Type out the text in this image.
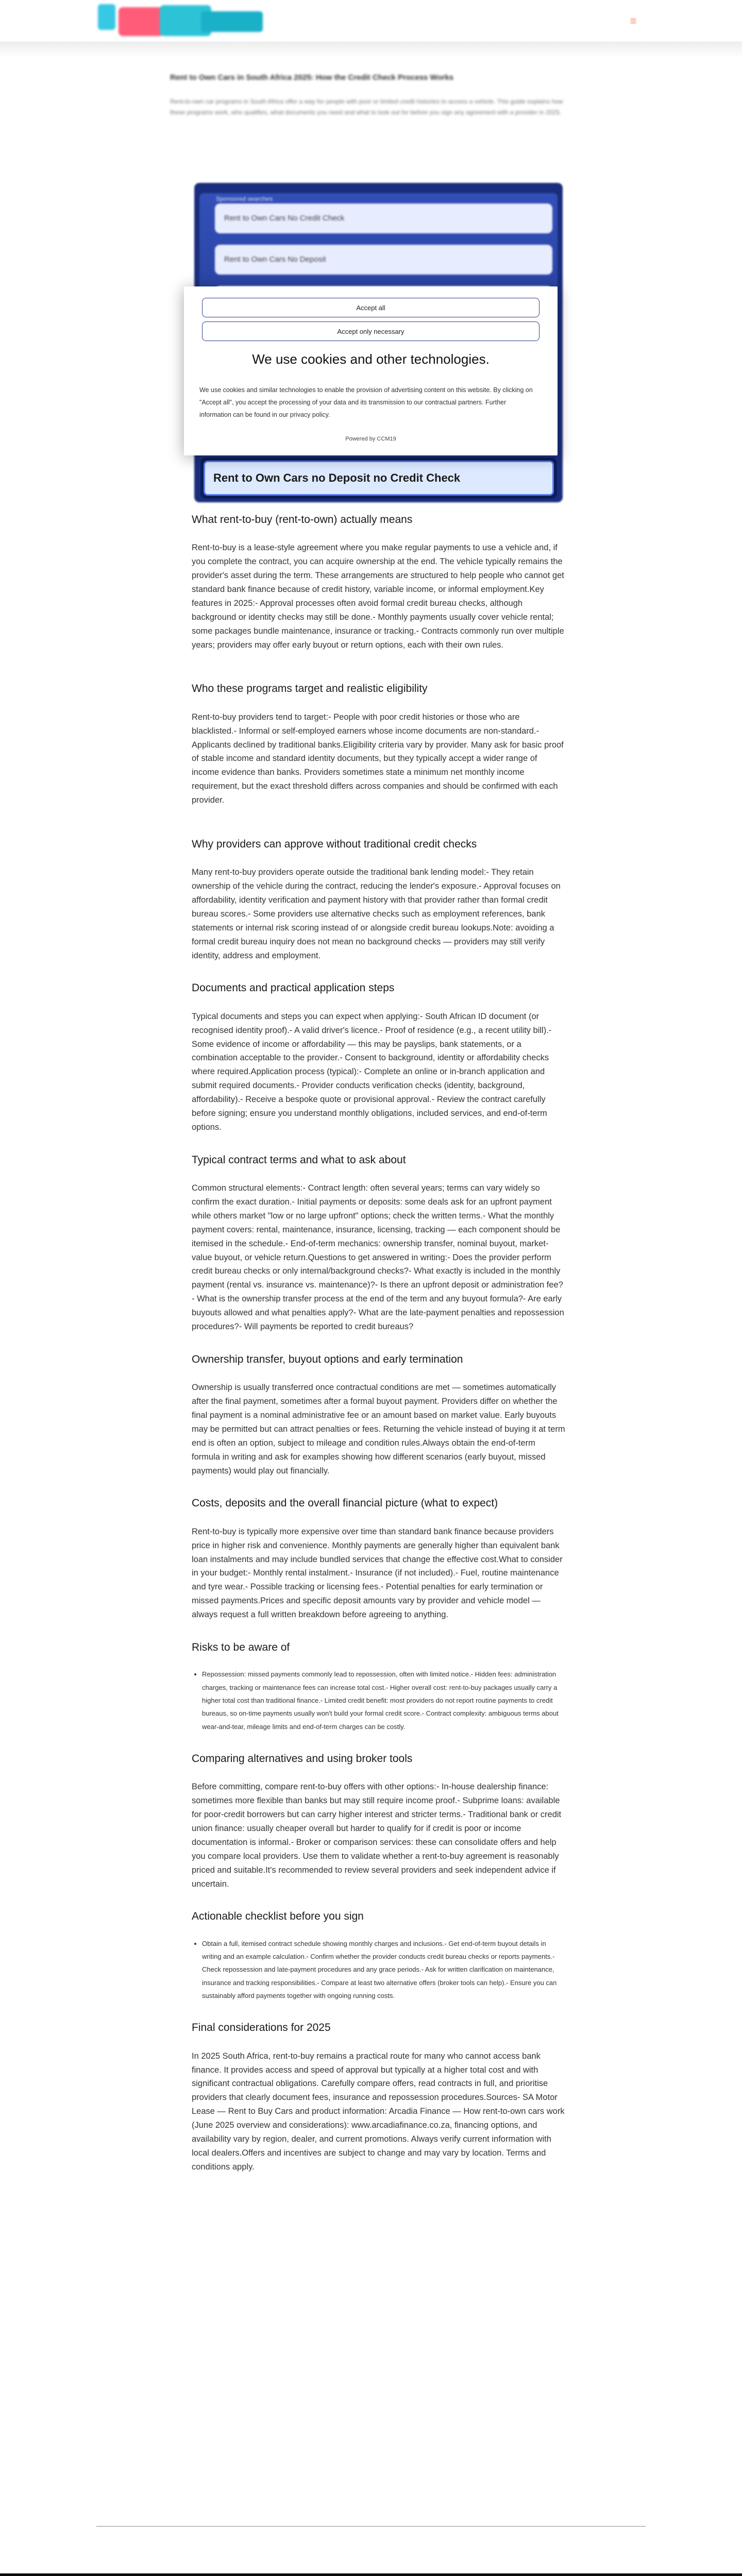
≡
Rent to Own Cars in South Africa 2025: How the Credit Check Process Works
Rent-to-own car programs in South Africa offer a way for people with poor or limited credit histories to access a vehicle. This guide explains how these programs work, who qualifies, what documents you need and what to look out for before you sign any agreement with a provider in 2025.
Sponsored searches
Rent to Own Cars No Credit Check
Rent to Own Cars No Deposit
Rent to Own Cars no Deposit no Credit Check
Accept all
Accept only necessary
We use cookies and other technologies.
We use cookies and similar technologies to enable the provision of advertising content on this website. By clicking on "Accept all", you accept the processing of your data and its transmission to our contractual partners. Further information can be found in our privacy policy.
Powered by CCM19
What rent-to-buy (rent-to-own) actually means

Rent-to-buy is a lease-style agreement where you make regular payments to use a vehicle and, if you complete the contract, you can acquire ownership at the end. The vehicle typically remains the provider's asset during the term. These arrangements are structured to help people who cannot get standard bank finance because of credit history, variable income, or informal employment.Key features in 2025:- Approval processes often avoid formal credit bureau checks, although background or identity checks may still be done.- Monthly payments usually cover vehicle rental; some packages bundle maintenance, insurance or tracking.- Contracts commonly run over multiple years; providers may offer early buyout or return options, each with their own rules.

Who these programs target and realistic eligibility

Rent-to-buy providers tend to target:- People with poor credit histories or those who are blacklisted.- Informal or self-employed earners whose income documents are non-standard.- Applicants declined by traditional banks.Eligibility criteria vary by provider. Many ask for basic proof of stable income and standard identity documents, but they typically accept a wider range of income evidence than banks. Providers sometimes state a minimum net monthly income requirement, but the exact threshold differs across companies and should be confirmed with each provider.

Why providers can approve without traditional credit checks

Many rent-to-buy providers operate outside the traditional bank lending model:- They retain ownership of the vehicle during the contract, reducing the lender's exposure.- Approval focuses on affordability, identity verification and payment history with that provider rather than formal credit bureau scores.- Some providers use alternative checks such as employment references, bank statements or internal risk scoring instead of or alongside credit bureau lookups.Note: avoiding a formal credit bureau inquiry does not mean no background checks — providers may still verify identity, address and employment.

Documents and practical application steps

Typical documents and steps you can expect when applying:- South African ID document (or recognised identity proof).- A valid driver's licence.- Proof of residence (e.g., a recent utility bill).- Some evidence of income or affordability — this may be payslips, bank statements, or a combination acceptable to the provider.- Consent to background, identity or affordability checks where required.Application process (typical):- Complete an online or in-branch application and submit required documents.- Provider conducts verification checks (identity, background, affordability).- Receive a bespoke quote or provisional approval.- Review the contract carefully before signing; ensure you understand monthly obligations, included services, and end-of-term options.

Typical contract terms and what to ask about

Common structural elements:- Contract length: often several years; terms can vary widely so confirm the exact duration.- Initial payments or deposits: some deals ask for an upfront payment while others market "low or no large upfront" options; check the written terms.- What the monthly payment covers: rental, maintenance, insurance, licensing, tracking — each component should be itemised in the schedule.- End-of-term mechanics: ownership transfer, nominal buyout, market-value buyout, or vehicle return.Questions to get answered in writing:- Does the provider perform credit bureau checks or only internal/background checks?- What exactly is included in the monthly payment (rental vs. insurance vs. maintenance)?- Is there an upfront deposit or administration fee?- What is the ownership transfer process at the end of the term and any buyout formula?- Are early buyouts allowed and what penalties apply?- What are the late-payment penalties and repossession procedures?- Will payments be reported to credit bureaus?

Ownership transfer, buyout options and early termination

Ownership is usually transferred once contractual conditions are met — sometimes automatically after the final payment, sometimes after a formal buyout payment. Providers differ on whether the final payment is a nominal administrative fee or an amount based on market value. Early buyouts may be permitted but can attract penalties or fees. Returning the vehicle instead of buying it at term end is often an option, subject to mileage and condition rules.Always obtain the end-of-term formula in writing and ask for examples showing how different scenarios (early buyout, missed payments) would play out financially.

Costs, deposits and the overall financial picture (what to expect)

Rent-to-buy is typically more expensive over time than standard bank finance because providers price in higher risk and convenience. Monthly payments are generally higher than equivalent bank loan instalments and may include bundled services that change the effective cost.What to consider in your budget:- Monthly rental instalment.- Insurance (if not included).- Fuel, routine maintenance and tyre wear.- Possible tracking or licensing fees.- Potential penalties for early termination or missed payments.Prices and specific deposit amounts vary by provider and vehicle model — always request a full written breakdown before agreeing to anything.

Risks to be aware of
• Repossession: missed payments commonly lead to repossession, often with limited notice.- Hidden fees: administration charges, tracking or maintenance fees can increase total cost.- Higher overall cost: rent-to-buy packages usually carry a higher total cost than traditional finance.- Limited credit benefit: most providers do not report routine payments to credit bureaus, so on-time payments usually won't build your formal credit score.- Contract complexity: ambiguous terms about wear-and-tear, mileage limits and end-of-term charges can be costly.
Comparing alternatives and using broker tools

Before committing, compare rent-to-buy offers with other options:- In-house dealership finance: sometimes more flexible than banks but may still require income proof.- Subprime loans: available for poor-credit borrowers but can carry higher interest and stricter terms.- Traditional bank or credit union finance: usually cheaper overall but harder to qualify for if credit is poor or income documentation is informal.- Broker or comparison services: these can consolidate offers and help you compare local providers. Use them to validate whether a rent-to-buy agreement is reasonably priced and suitable.It's recommended to review several providers and seek independent advice if uncertain.

Actionable checklist before you sign
• Obtain a full, itemised contract schedule showing monthly charges and inclusions.- Get end-of-term buyout details in writing and an example calculation.- Confirm whether the provider conducts credit bureau checks or reports payments.- Check repossession and late-payment procedures and any grace periods.- Ask for written clarification on maintenance, insurance and tracking responsibilities.- Compare at least two alternative offers (broker tools can help).- Ensure you can sustainably afford payments together with ongoing running costs.
Final considerations for 2025

In 2025 South Africa, rent-to-buy remains a practical route for many who cannot access bank finance. It provides access and speed of approval but typically at a higher total cost and with significant contractual obligations. Carefully compare offers, read contracts in full, and prioritise providers that clearly document fees, insurance and repossession procedures.Sources- SA Motor Lease — Rent to Buy Cars and product information: Arcadia Finance — How rent-to-own cars work (June 2025 overview and considerations): www.arcadiafinance.co.za, financing options, and availability vary by region, dealer, and current promotions. Always verify current information with local dealers.Offers and incentives are subject to change and may vary by location. Terms and conditions apply.
